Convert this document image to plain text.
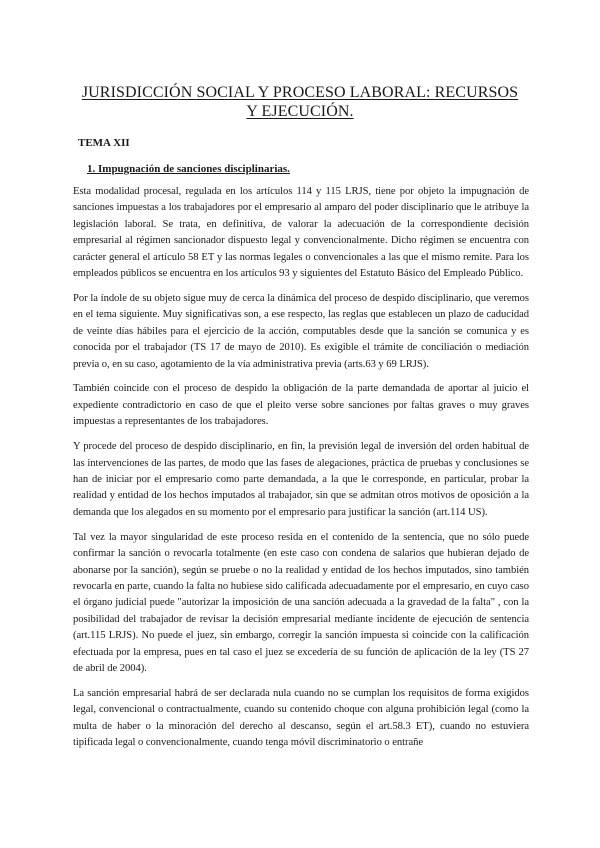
JURISDICCIÓN SOCIAL Y PROCESO LABORAL: RECURSOS Y EJECUCIÓN.

TEMA XII

1. Impugnación de sanciones disciplinarias.

Esta modalidad procesal, regulada en los artículos 114 y 115 LRJS, tiene por objeto la impugnación de sanciones impuestas a los trabajadores por el empresario al amparo del poder disciplinario que le atribuye la legislación laboral. Se trata, en definitiva, de valorar la adecuación de la correspondiente decisión empresarial al régimen sancionador dispuesto legal y convencionalmente. Dicho régimen se encuentra con carácter general el artículo 58 ET y las normas legales o convencionales a las que el mismo remite. Para los empleados públicos se encuentra en los artículos 93 y siguientes del Estatuto Básico del Empleado Público.

Por la índole de su objeto sigue muy de cerca la dinámica del proceso de despido disciplinario, que veremos en el tema siguiente. Muy significativas son, a ese respecto, las reglas que establecen un plazo de caducidad de veinte días hábiles para el ejercicio de la acción, computables desde que la sanción se comunica y es conocida por el trabajador (TS 17 de mayo de 2010). Es exigible el trámite de conciliación o mediación previa o, en su caso, agotamiento de la vía administrativa previa (arts.63 y 69 LRJS).

También coincide con el proceso de despido la obligación de la parte demandada de aportar al juicio el expediente contradictorio en caso de que el pleito verse sobre sanciones por faltas graves o muy graves impuestas a representantes de los trabajadores.

Y procede del proceso de despido disciplinario, en fin, la previsión legal de inversión del orden habitual de las intervenciones de las partes, de modo que las fases de alegaciones, práctica de pruebas y conclusiones se han de iniciar por el empresario como parte demandada, a la que le corresponde, en particular, probar la realidad y entidad de los hechos imputados al trabajador, sin que se admitan otros motivos de oposición a la demanda que los alegados en su momento por el empresario para justificar la sanción (art.114 US).

Tal vez la mayor singularidad de este proceso resida en el contenido de la sentencia, que no sólo puede confirmar la sanción o revocarla totalmente (en este caso con condena de salarios que hubieran dejado de abonarse por la sanción), según se pruebe o no la realidad y entidad de los hechos imputados, sino también revocarla en parte, cuando la falta no hubiese sido calificada adecuadamente por el empresario, en cuyo caso el órgano judicial puede "autorizar la imposición de una sanción adecuada a la gravedad de la falta" , con la posibilidad del trabajador de revisar la decisión empresarial mediante incidente de ejecución de sentencia (art.115 LRJS). No puede el juez, sin embargo, corregir la sanción impuesta si coincide con la calificación efectuada por la empresa, pues en tal caso el juez se excedería de su función de aplicación de la ley (TS 27 de abril de 2004).

La sanción empresarial habrá de ser declarada nula cuando no se cumplan los requisitos de forma exigidos legal, convencional o contractualmente, cuando su contenido choque con alguna prohibición legal (como la multa de haber o la minoración del derecho al descanso, según el art.58.3 ET), cuando no estuviera tipificada legal o convencionalmente, cuando tenga móvil discriminatorio o entrañe
